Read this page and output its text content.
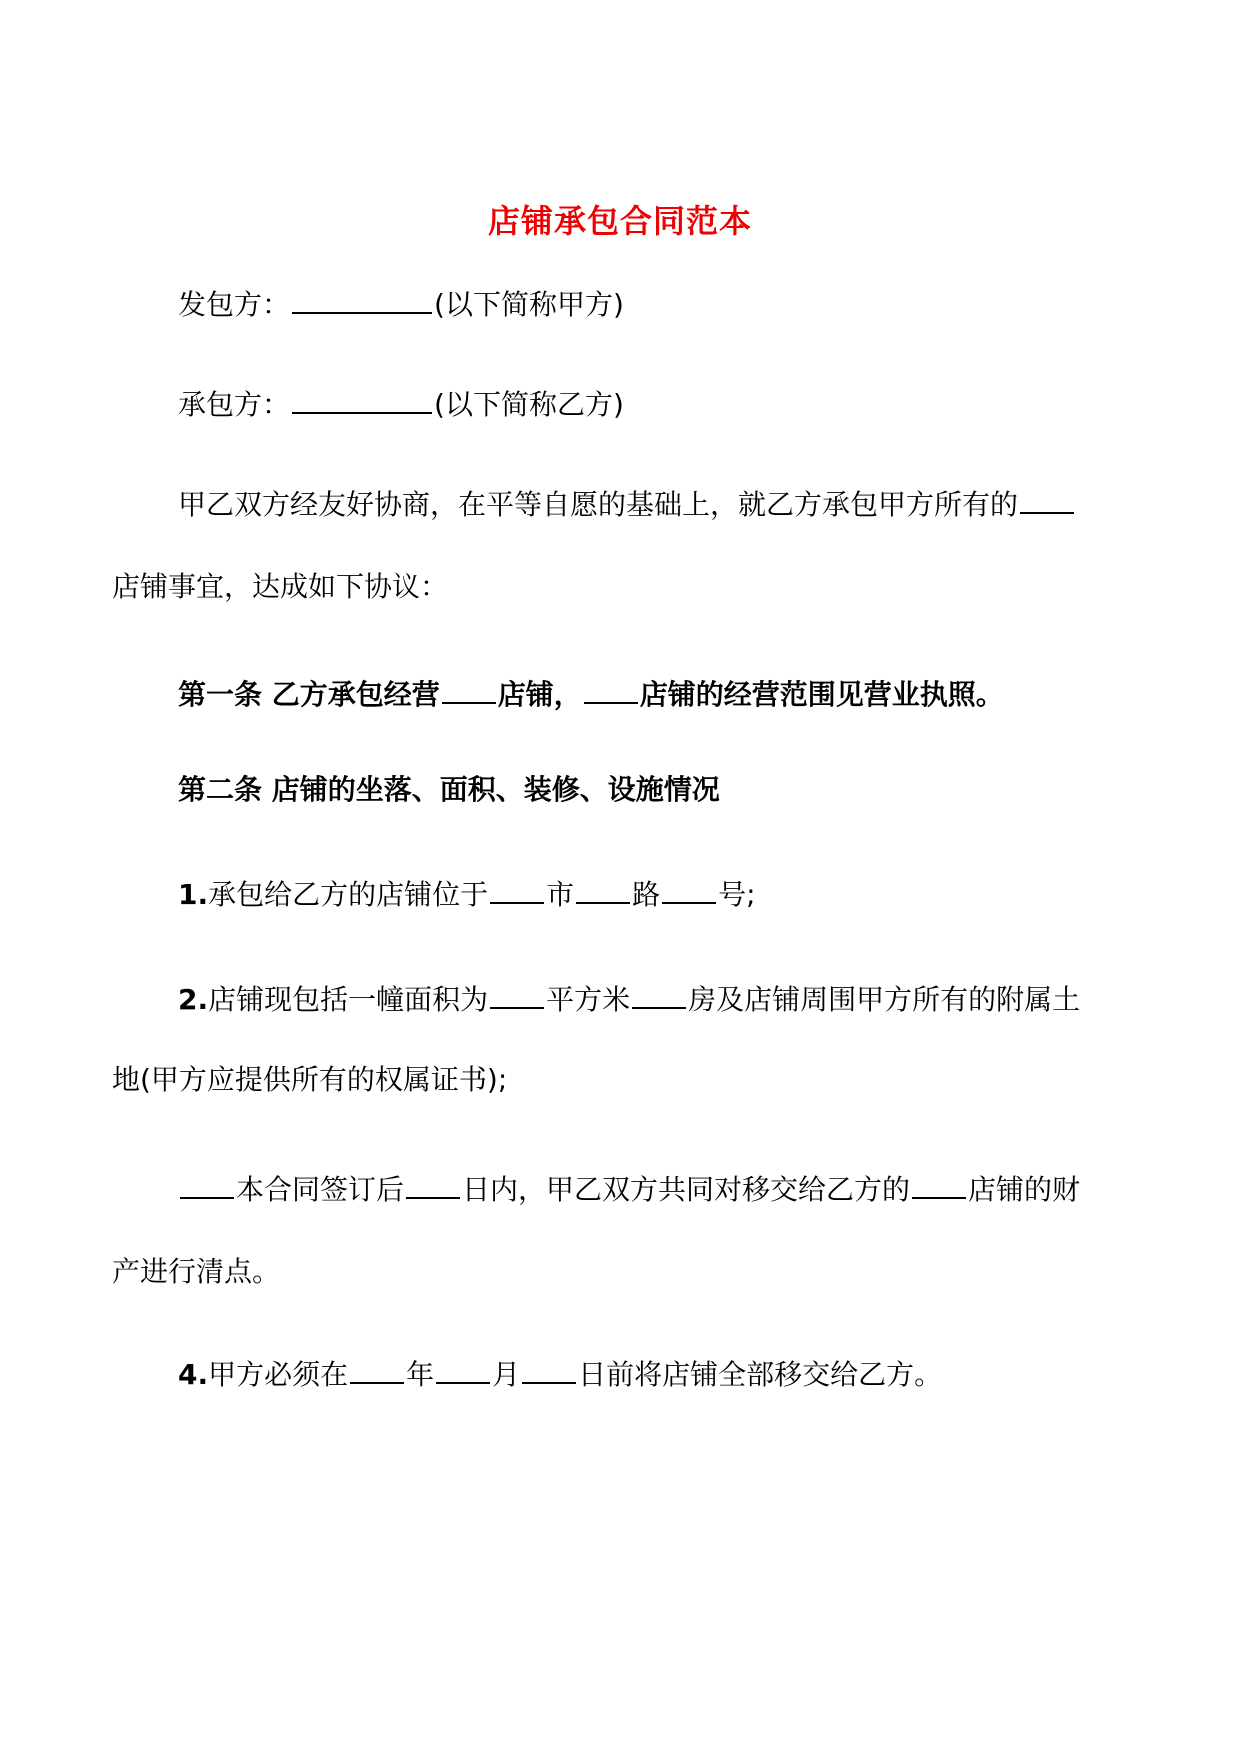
店铺承包合同范本
发包方：	(以下简称甲方)
承包方：	(以下简称乙方)
甲乙双方经友好协商，在平等自愿的基础上，就乙方承包甲方所有的
店铺事宜，达成如下协议：
第一条 乙方承包经营 店铺， 店铺的经营范围见营业执照。
第二条 店铺的坐落、面积、装修、设施情况
1.承包给乙方的店铺位于 市 路 号;
2.店铺现包括一幢面积为 平方米 房及店铺周围甲方所有的附属土
地(甲方应提供所有的权属证书);
本合同签订后 日内，甲乙双方共同对移交给乙方的 店铺的财
产进行清点。
4.甲方必须在 年 月 日前将店铺全部移交给乙方。
